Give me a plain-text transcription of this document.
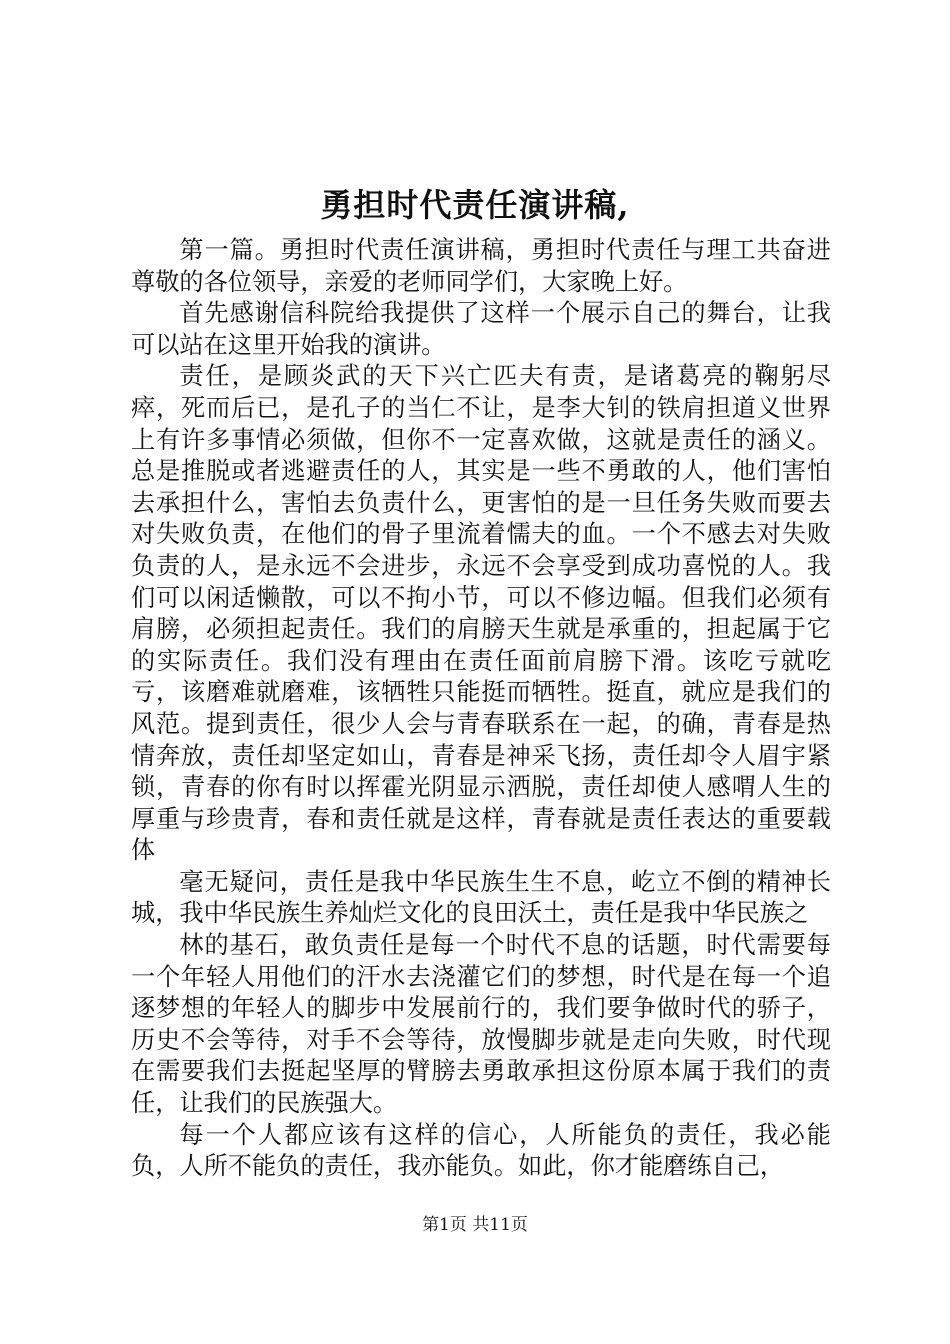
勇担时代责任演讲稿,

第一篇。勇担时代责任演讲稿，勇担时代责任与理工共奋进尊敬的各位领导，亲爱的老师同学们，大家晚上好。

首先感谢信科院给我提供了这样一个展示自己的舞台，让我可以站在这里开始我的演讲。

责任，是顾炎武的天下兴亡匹夫有责，是诸葛亮的鞠躬尽瘁，死而后已，是孔子的当仁不让，是李大钊的铁肩担道义世界上有许多事情必须做，但你不一定喜欢做，这就是责任的涵义。总是推脱或者逃避责任的人，其实是一些不勇敢的人，他们害怕去承担什么，害怕去负责什么，更害怕的是一旦任务失败而要去对失败负责，在他们的骨子里流着懦夫的血。一个不感去对失败负责的人，是永远不会进步，永远不会享受到成功喜悦的人。我们可以闲适懒散，可以不拘小节，可以不修边幅。但我们必须有肩膀，必须担起责任。我们的肩膀天生就是承重的，担起属于它的实际责任。我们没有理由在责任面前肩膀下滑。该吃亏就吃亏，该磨难就磨难，该牺牲只能挺而牺牲。挺直，就应是我们的风范。提到责任，很少人会与青春联系在一起，的确，青春是热情奔放，责任却坚定如山，青春是神采飞扬，责任却令人眉宇紧锁，青春的你有时以挥霍光阴显示洒脱，责任却使人感喟人生的厚重与珍贵青，春和责任就是这样，青春就是责任表达的重要载体

毫无疑问，责任是我中华民族生生不息，屹立不倒的精神长城，我中华民族生养灿烂文化的良田沃土，责任是我中华民族之

林的基石，敢负责任是每一个时代不息的话题，时代需要每一个年轻人用他们的汗水去浇灌它们的梦想，时代是在每一个追逐梦想的年轻人的脚步中发展前行的，我们要争做时代的骄子，历史不会等待，对手不会等待，放慢脚步就是走向失败，时代现在需要我们去挺起坚厚的臂膀去勇敢承担这份原本属于我们的责任，让我们的民族强大。

每一个人都应该有这样的信心，人所能负的责任，我必能负，人所不能负的责任，我亦能负。如此，你才能磨练自己，

第1页 共11页
